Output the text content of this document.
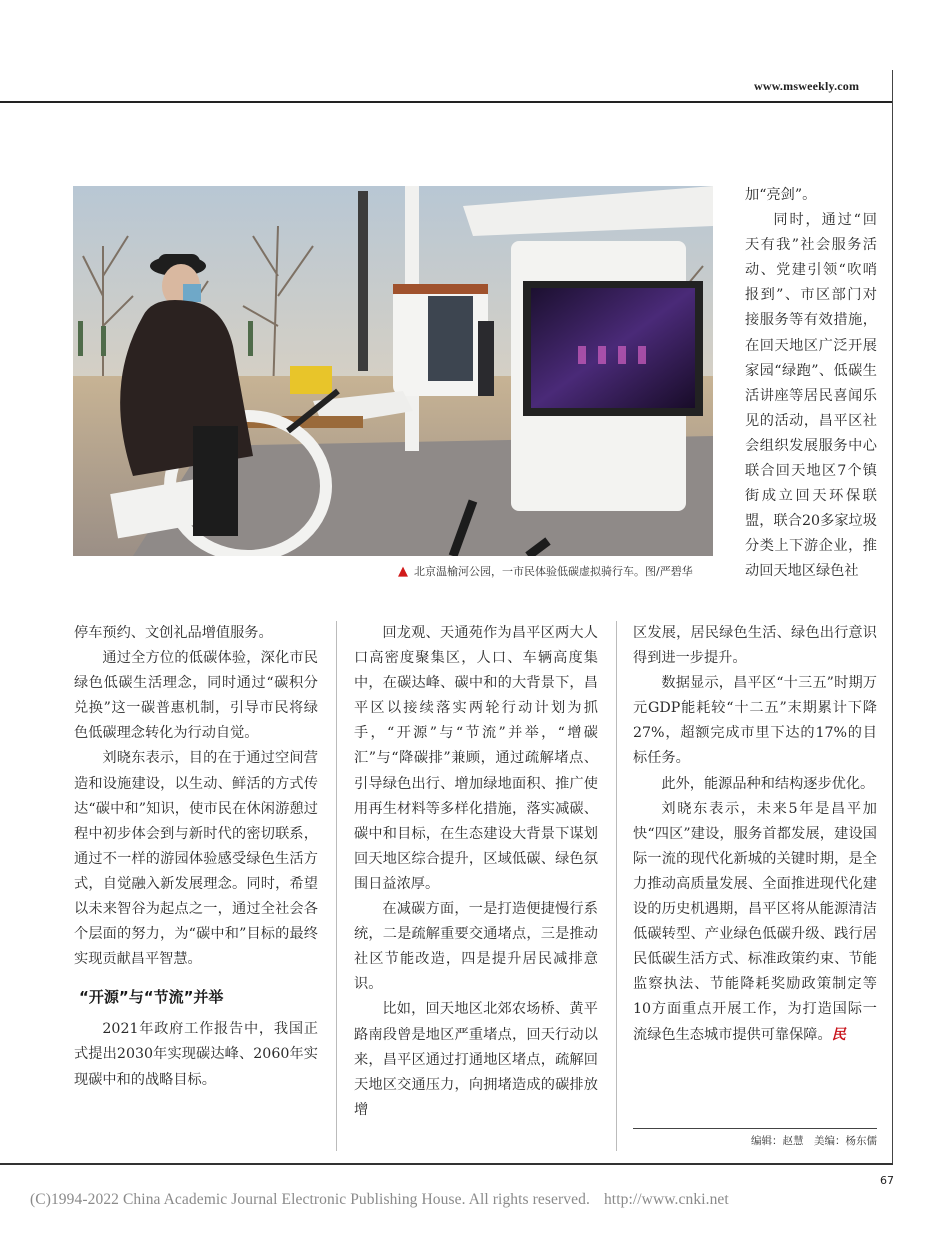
www.msweekly.com
▲ 北京温榆河公园，一市民体验低碳虚拟骑行车。图/严碧华

加“亮剑”。

同时，通过“回天有我”社会服务活动、党建引领“吹哨报到”、市区部门对接服务等有效措施，在回天地区广泛开展家园“绿跑”、低碳生活讲座等居民喜闻乐见的活动，昌平区社会组织发展服务中心联合回天地区7个镇街成立回天环保联盟，联合20多家垃圾分类上下游企业，推动回天地区绿色社

停车预约、文创礼品增值服务。

通过全方位的低碳体验，深化市民绿色低碳生活理念，同时通过“碳积分兑换”这一碳普惠机制，引导市民将绿色低碳理念转化为行动自觉。

刘晓东表示，目的在于通过空间营造和设施建设，以生动、鲜活的方式传达“碳中和”知识，使市民在休闲游憩过程中初步体会到与新时代的密切联系，通过不一样的游园体验感受绿色生活方式，自觉融入新发展理念。同时，希望以未来智谷为起点之一，通过全社会各个层面的努力，为“碳中和”目标的最终实现贡献昌平智慧。

“开源”与“节流”并举

2021年政府工作报告中，我国正式提出2030年实现碳达峰、2060年实现碳中和的战略目标。

回龙观、天通苑作为昌平区两大人口高密度聚集区，人口、车辆高度集中，在碳达峰、碳中和的大背景下，昌平区以接续落实两轮行动计划为抓手，“开源”与“节流”并举，“增碳汇”与“降碳排”兼顾，通过疏解堵点、引导绿色出行、增加绿地面积、推广使用再生材料等多样化措施，落实减碳、碳中和目标，在生态建设大背景下谋划回天地区综合提升，区域低碳、绿色氛围日益浓厚。

在减碳方面，一是打造便捷慢行系统，二是疏解重要交通堵点，三是推动社区节能改造，四是提升居民减排意识。

比如，回天地区北郊农场桥、黄平路南段曾是地区严重堵点，回天行动以来，昌平区通过打通地区堵点，疏解回天地区交通压力，向拥堵造成的碳排放增

区发展，居民绿色生活、绿色出行意识得到进一步提升。

数据显示，昌平区“十三五”时期万元GDP能耗较“十二五”末期累计下降27%，超额完成市里下达的17%的目标任务。

此外，能源品种和结构逐步优化。

刘晓东表示，未来5年是昌平加快“四区”建设，服务首都发展，建设国际一流的现代化新城的关键时期，是全力推动高质量发展、全面推进现代化建设的历史机遇期，昌平区将从能源清洁低碳转型、产业绿色低碳升级、践行居民低碳生活方式、标准政策约束、节能监察执法、节能降耗奖励政策制定等10方面重点开展工作，为打造国际一流绿色生态城市提供可靠保障。民

编辑：赵慧　美编：杨东儒
67
(C)1994-2022 China Academic Journal Electronic Publishing House. All rights reserved. http://www.cnki.net
